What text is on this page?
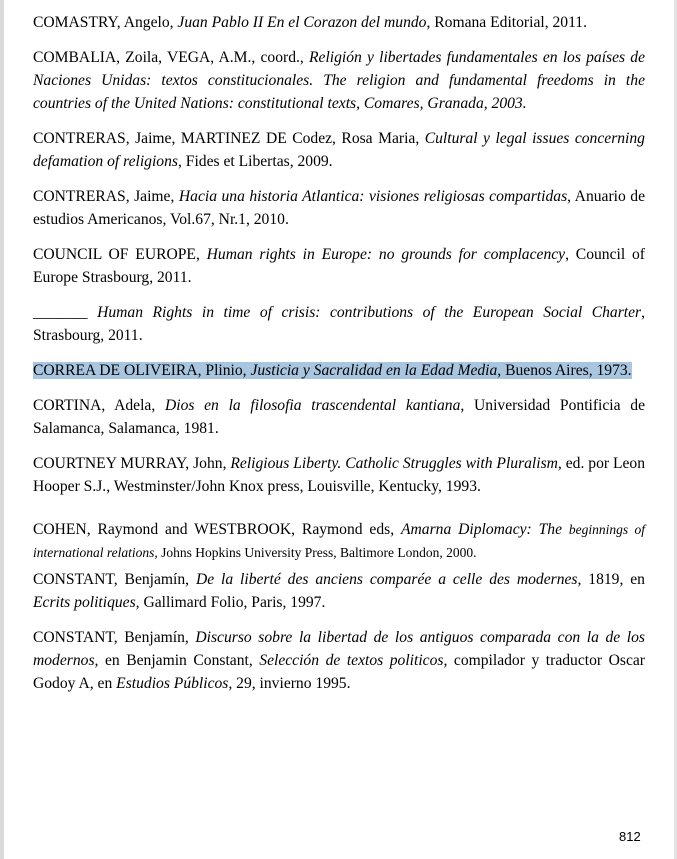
COMASTRY, Angelo, Juan Pablo II En el Corazon del mundo, Romana Editorial, 2011.

COMBALIA, Zoila, VEGA, A.M., coord., Religión y libertades fundamentales en los países de Naciones Unidas: textos constitucionales. The religion and fundamental freedoms in the countries of the United Nations: constitutional texts, Comares, Granada, 2003.

CONTRERAS, Jaime, MARTINEZ DE Codez, Rosa Maria, Cultural y legal issues concerning defamation of religions, Fides et Libertas, 2009.

CONTRERAS, Jaime, Hacia una historia Atlantica: visiones religiosas compartidas, Anuario de estudios Americanos, Vol.67, Nr.1, 2010.

COUNCIL OF EUROPE, Human rights in Europe: no grounds for complacency, Council of Europe Strasbourg, 2011.

_______ Human Rights in time of crisis: contributions of the European Social Charter, Strasbourg, 2011.

CORREA DE OLIVEIRA, Plinio, Justicia y Sacralidad en la Edad Media, Buenos Aires, 1973.

CORTINA, Adela, Dios en la filosofia trascendental kantiana, Universidad Pontificia de Salamanca, Salamanca, 1981.

COURTNEY MURRAY, John, Religious Liberty. Catholic Struggles with Pluralism, ed. por Leon Hooper S.J., Westminster/John Knox press, Louisville, Kentucky, 1993.

COHEN, Raymond and WESTBROOK, Raymond eds, Amarna Diplomacy: The beginnings of international relations, Johns Hopkins University Press, Baltimore London, 2000.

CONSTANT, Benjamín, De la liberté des anciens comparée a celle des modernes, 1819, en Ecrits politiques, Gallimard Folio, Paris, 1997.

CONSTANT, Benjamín, Discurso sobre la libertad de los antiguos comparada con la de los modernos, en Benjamin Constant, Selección de textos politicos, compilador y traductor Oscar Godoy A, en Estudios Públicos, 29, invierno 1995.

812
